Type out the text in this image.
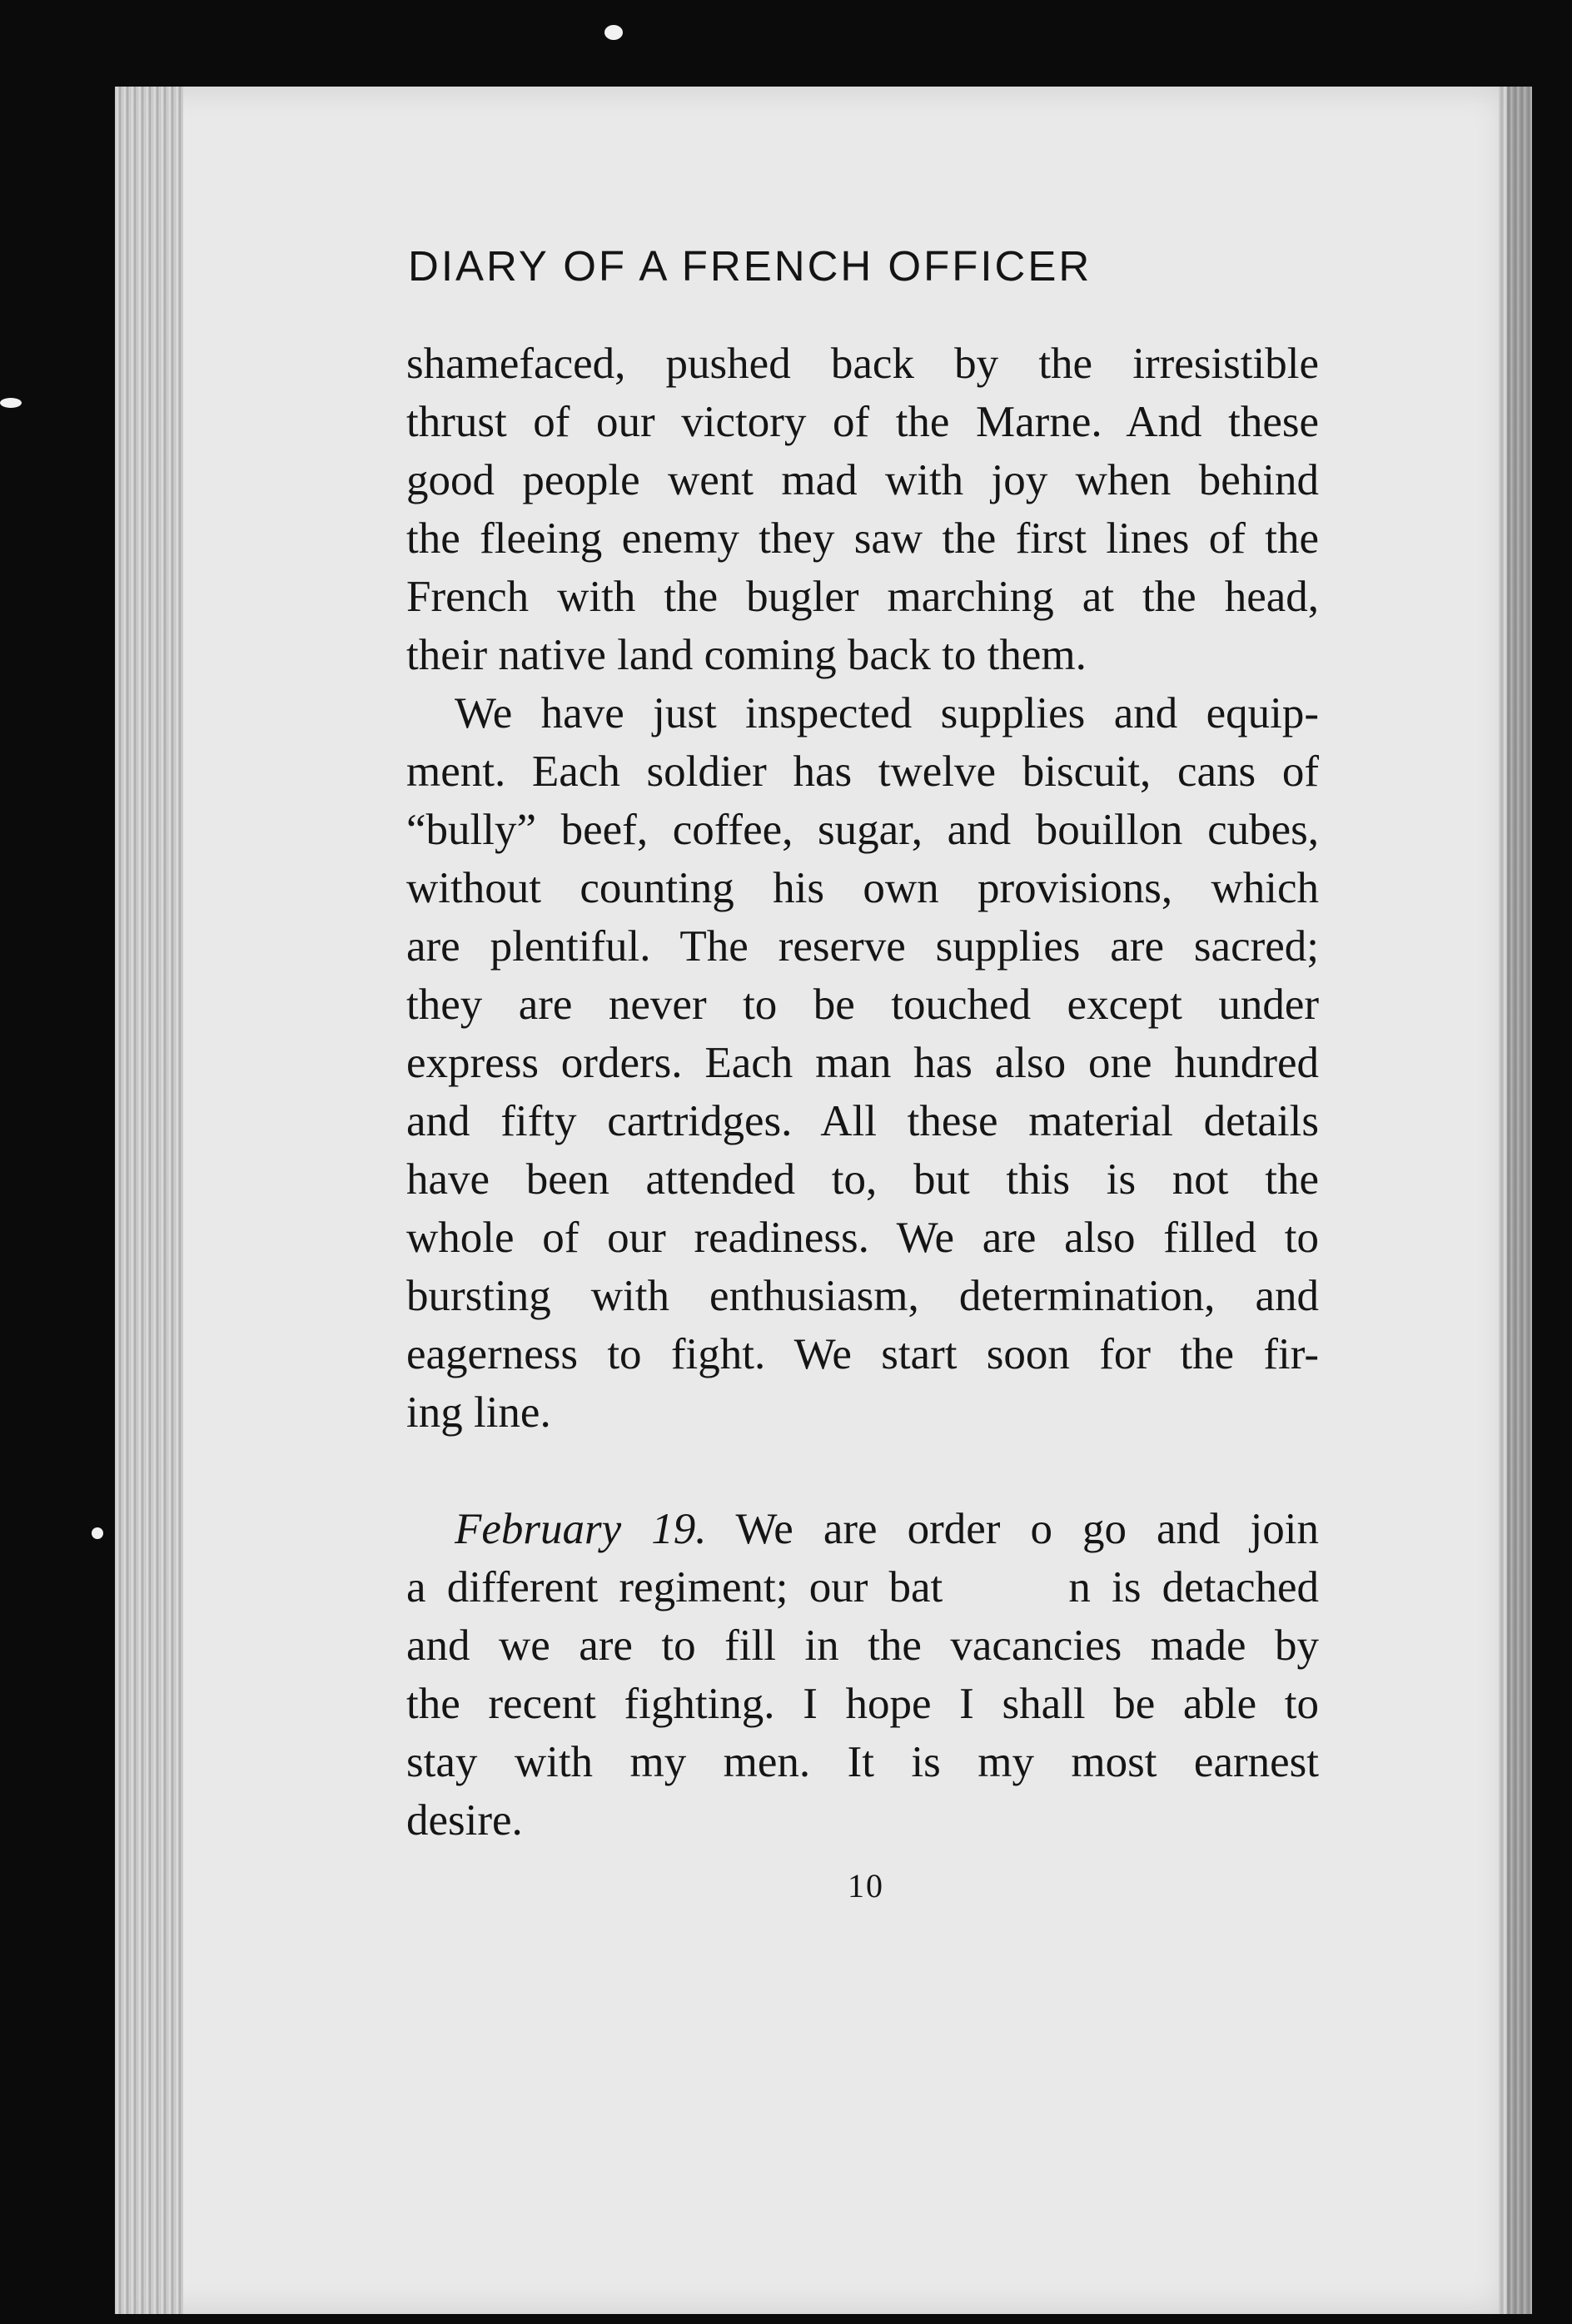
DIARY OF A FRENCH OFFICER
shamefaced, pushed back by the irresistible
thrust of our victory of the Marne. And these
good people went mad with joy when behind
the fleeing enemy they saw the first lines of the
French with the bugler marching at the head,
their native land coming back to them.
We have just inspected supplies and equip-
ment. Each soldier has twelve biscuit, cans of
“bully” beef, coffee, sugar, and bouillon cubes,
without counting his own provisions, which
are plentiful. The reserve supplies are sacred;
they are never to be touched except under
express orders. Each man has also one hundred
and fifty cartridges. All these material details
have been attended to, but this is not the
whole of our readiness. We are also filled to
bursting with enthusiasm, determination, and
eagerness to fight. We start soon for the fir-
ing line.
February 19. We are order o go and join
a different regiment; our bat      n is detached
and we are to fill in the vacancies made by
the recent fighting. I hope I shall be able to
stay with my men. It is my most earnest
desire.
10
